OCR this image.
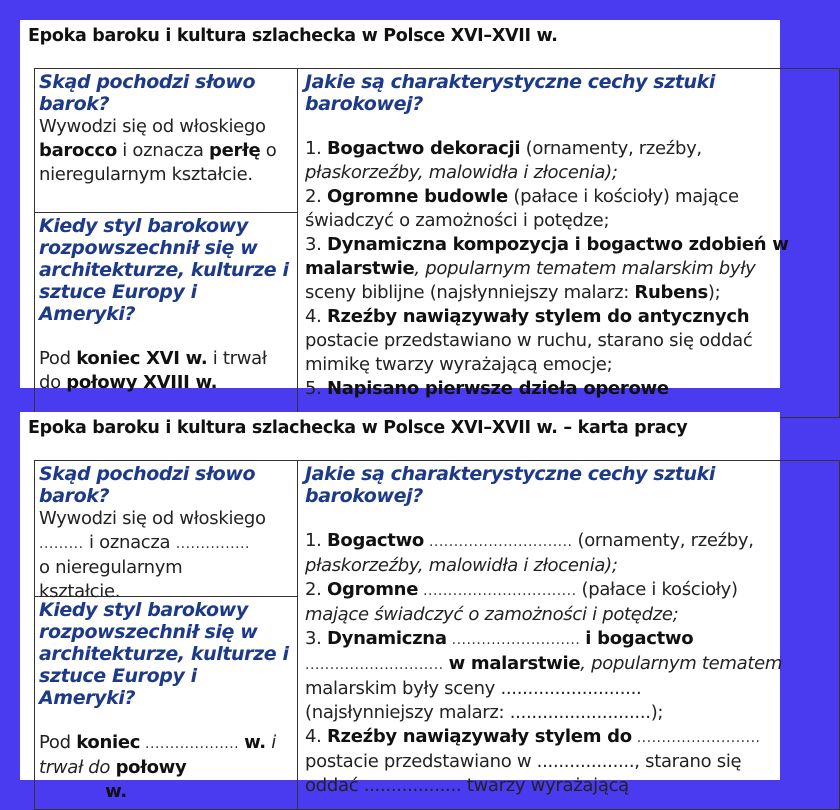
Epoka baroku i kultura szlachecka w Polsce XVI–XVII w.
Skąd pochodzi słowo barok?
Wywodzi się od włoskiego barocco i oznacza perłę o nieregularnym kształcie.
Kiedy styl barokowy rozpowszechnił się w architekturze, kulturze i sztuce Europy i Ameryki?
Pod koniec XVI w. i trwał do połowy XVIII w.
Jakie są charakterystyczne cechy sztuki barokowej?
1. Bogactwo dekoracji (ornamenty, rzeźby,
płaskorzeźby, malowidła i złocenia);
2. Ogromne budowle (pałace i kościoły) mające
świadczyć o zamożności i potędze;
3. Dynamiczna kompozycja i bogactwo zdobień w
malarstwie, popularnym tematem malarskim były
sceny biblijne (najsłynniejszy malarz: Rubens);
4. Rzeźby nawiązywały stylem do antycznych
postacie przedstawiano w ruchu, starano się oddać
mimikę twarzy wyrażającą emocje;
5. Napisano pierwsze dzieła operowe
Epoka baroku i kultura szlachecka w Polsce XVI–XVII w. – karta pracy
Skąd pochodzi słowo barok?
Wywodzi się od włoskiego
......... i oznacza ...............
o nieregularnym kształcie.
Kiedy styl barokowy rozpowszechnił się w architekturze, kulturze i sztuce Europy i Ameryki?
Pod koniec ................... w. i
trwał do połowy
w.
Jakie są charakterystyczne cechy sztuki barokowej?
1. Bogactwo ............................. (ornamenty, rzeźby,
płaskorzeźby, malowidła i złocenia);
2. Ogromne ............................... (pałace i kościoły)
mające świadczyć o zamożności i potędze;
3. Dynamiczna .......................... i bogactwo
............................ w malarstwie, popularnym tematem
malarskim były sceny ..........................
(najsłynniejszy malarz: ..........................);
4. Rzeźby nawiązywały stylem do .........................
postacie przedstawiano w .................., starano się
oddać .................. twarzy wyrażającą
